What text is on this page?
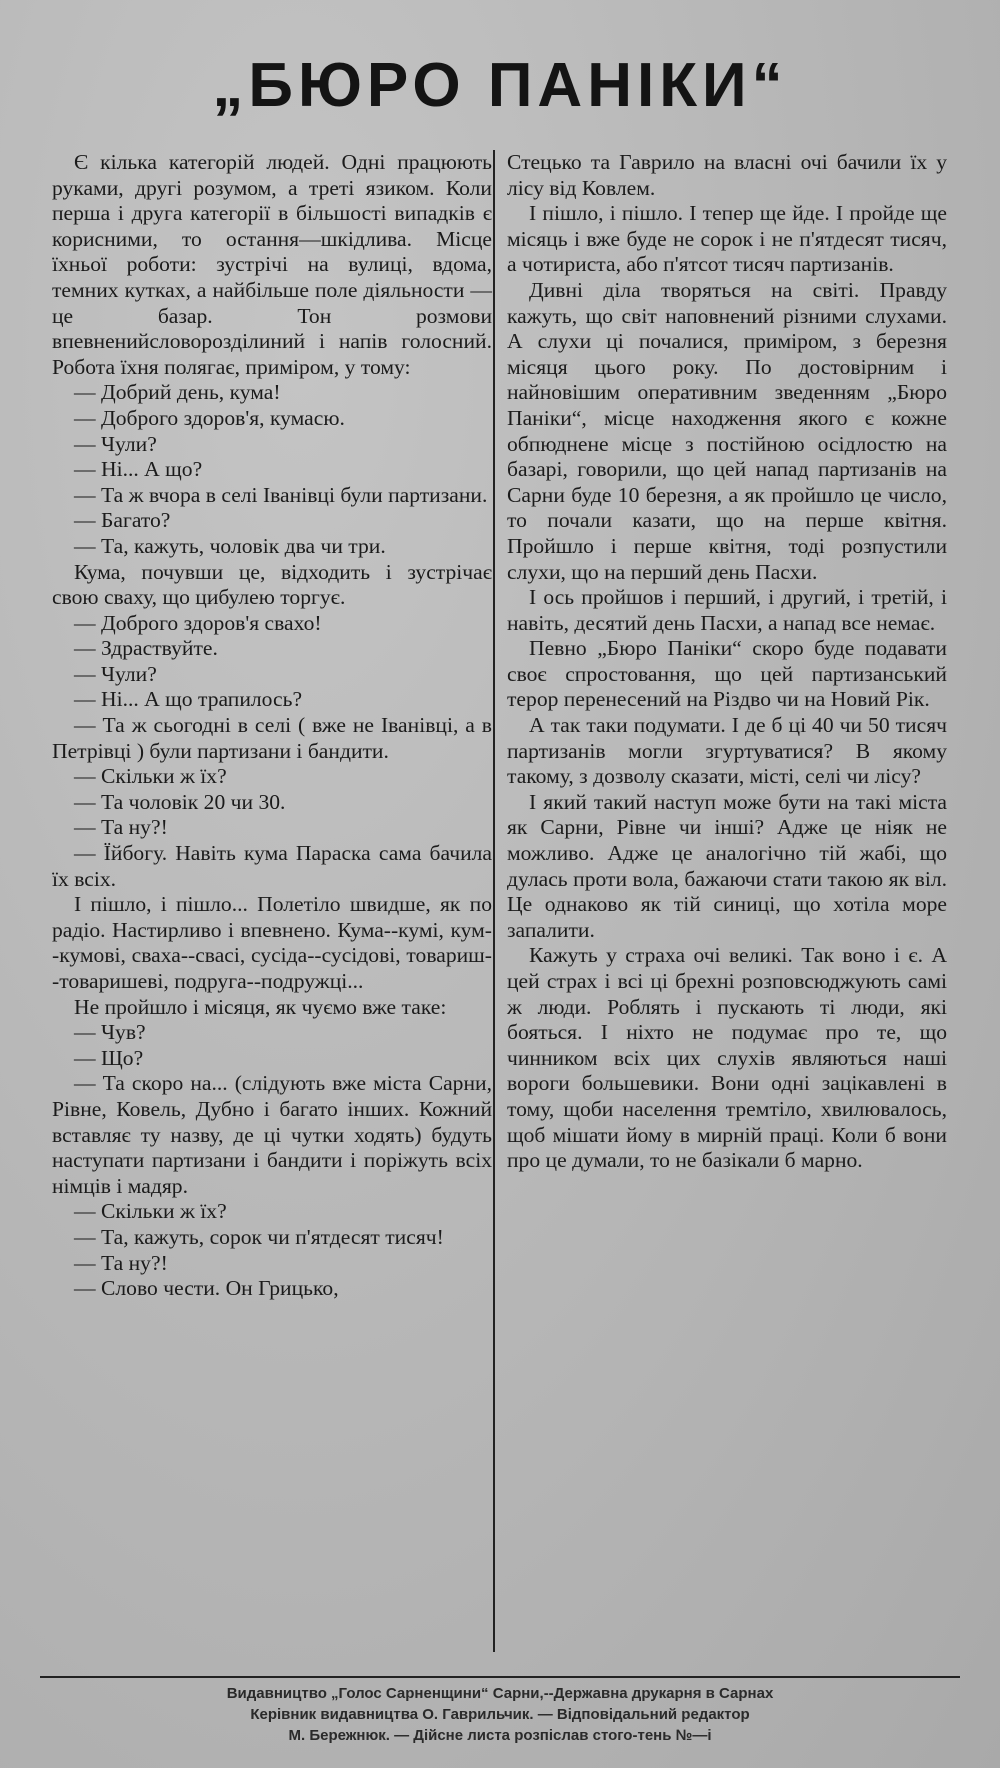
„БЮРО ПАНІКИ“

Є кілька категорій людей. Одні працюють руками, другі розумом, а треті язиком. Коли перша і друга категорії в більшості випадків є корисними, то остання—шкідлива. Місце їхньої роботи: зустрічі на вулиці, вдома, темних кутках, а найбільше поле діяльности — це базар. Тон розмови впевненийсловорозділиний і напів голосний. Робота їхня полягає, приміром, у тому:

— Добрий день, кума!

— Доброго здоров'я, кумасю.

— Чули?

— Ні... А що?

— Та ж вчора в селі Іванівці були партизани.

— Багато?

— Та, кажуть, чоловік два чи три.

Кума, почувши це, відходить і зустрічає свою сваху, що цибулею торгує.

— Доброго здоров'я свахо!

— Здраствуйте.

— Чули?

— Ні... А що трапилось?

— Та ж сьогодні в селі ( вже не Іванівці, а в Петрівці ) були партизани і бандити.

— Скільки ж їх?

— Та чоловік 20 чи 30.

— Та ну?!

— Їйбогу. Навіть кума Параска сама бачила їх всіх.

І пішло, і пішло... Полетіло швидше, як по радіо. Настирливо і впевнено. Кума--кумі, кум--кумові, сваха--свасі, сусіда--сусідові, товариш--товаришеві, подруга--подружці...

Не пройшло і місяця, як чуємо вже таке:

— Чув?

— Що?

— Та скоро на... (слідують вже міста Сарни, Рівне, Ковель, Дубно і багато інших. Кожний вставляє ту назву, де ці чутки ходять) будуть наступати партизани і бандити і поріжуть всіх німців і мадяр.

— Скільки ж їх?

— Та, кажуть, сорок чи п'ятдесят тисяч!

— Та ну?!

— Слово чести. Он Грицько,

Стецько та Гаврило на власні очі бачили їх у лісу від Ковлем.

І пішло, і пішло. І тепер ще йде. І пройде ще місяць і вже буде не сорок і не п'ятдесят тисяч, а чотириста, або п'ятсот тисяч партизанів.

Дивні діла творяться на світі. Правду кажуть, що світ наповнений різними слухами. А слухи ці почалися, приміром, з березня місяця цього року. По достовірним і найновішим оперативним зведенням „Бюро Паніки“, місце находження якого є кожне обпюднене місце з постійною осідлостю на базарі, говорили, що цей напад партизанів на Сарни буде 10 березня, а як пройшло це число, то почали казати, що на перше квітня. Пройшло і перше квітня, тоді розпустили слухи, що на перший день Пасхи.

І ось пройшов і перший, і другий, і третій, і навіть, десятий день Пасхи, а напад все немає.

Певно „Бюро Паніки“ скоро буде подавати своє спростовання, що цей партизанський терор перенесений на Різдво чи на Новий Рік.

А так таки подумати. І де б ці 40 чи 50 тисяч партизанів могли згуртуватися? В якому такому, з дозволу сказати, місті, селі чи лісу?

І який такий наступ може бути на такі міста як Сарни, Рівне чи інші? Адже це ніяк не можливо. Адже це аналогічно тій жабі, що дулась проти вола, бажаючи стати такою як віл. Це однаково як тій синиці, що хотіла море запалити.

Кажуть у страха очі великі. Так воно і є. А цей страх і всі ці брехні розповсюджують самі ж люди. Роблять і пускають ті люди, які бояться. І ніхто не подумає про те, що чинником всіх цих слухів являються наші вороги большевики. Вони одні зацікавлені в тому, щоби населення тремтіло, хвилювалось, щоб мішати йому в мирній праці. Коли б вони про це думали, то не базікали б марно.

Видавництво „Голос Сарненщини“ Сарни,--Державна друкарня в Сарнах
Керівник видавництва О. Гаврильчик. — Відповідальний редактор
М. Бережнюк. — Дійсне листа розпіслав стого-тень №—і
